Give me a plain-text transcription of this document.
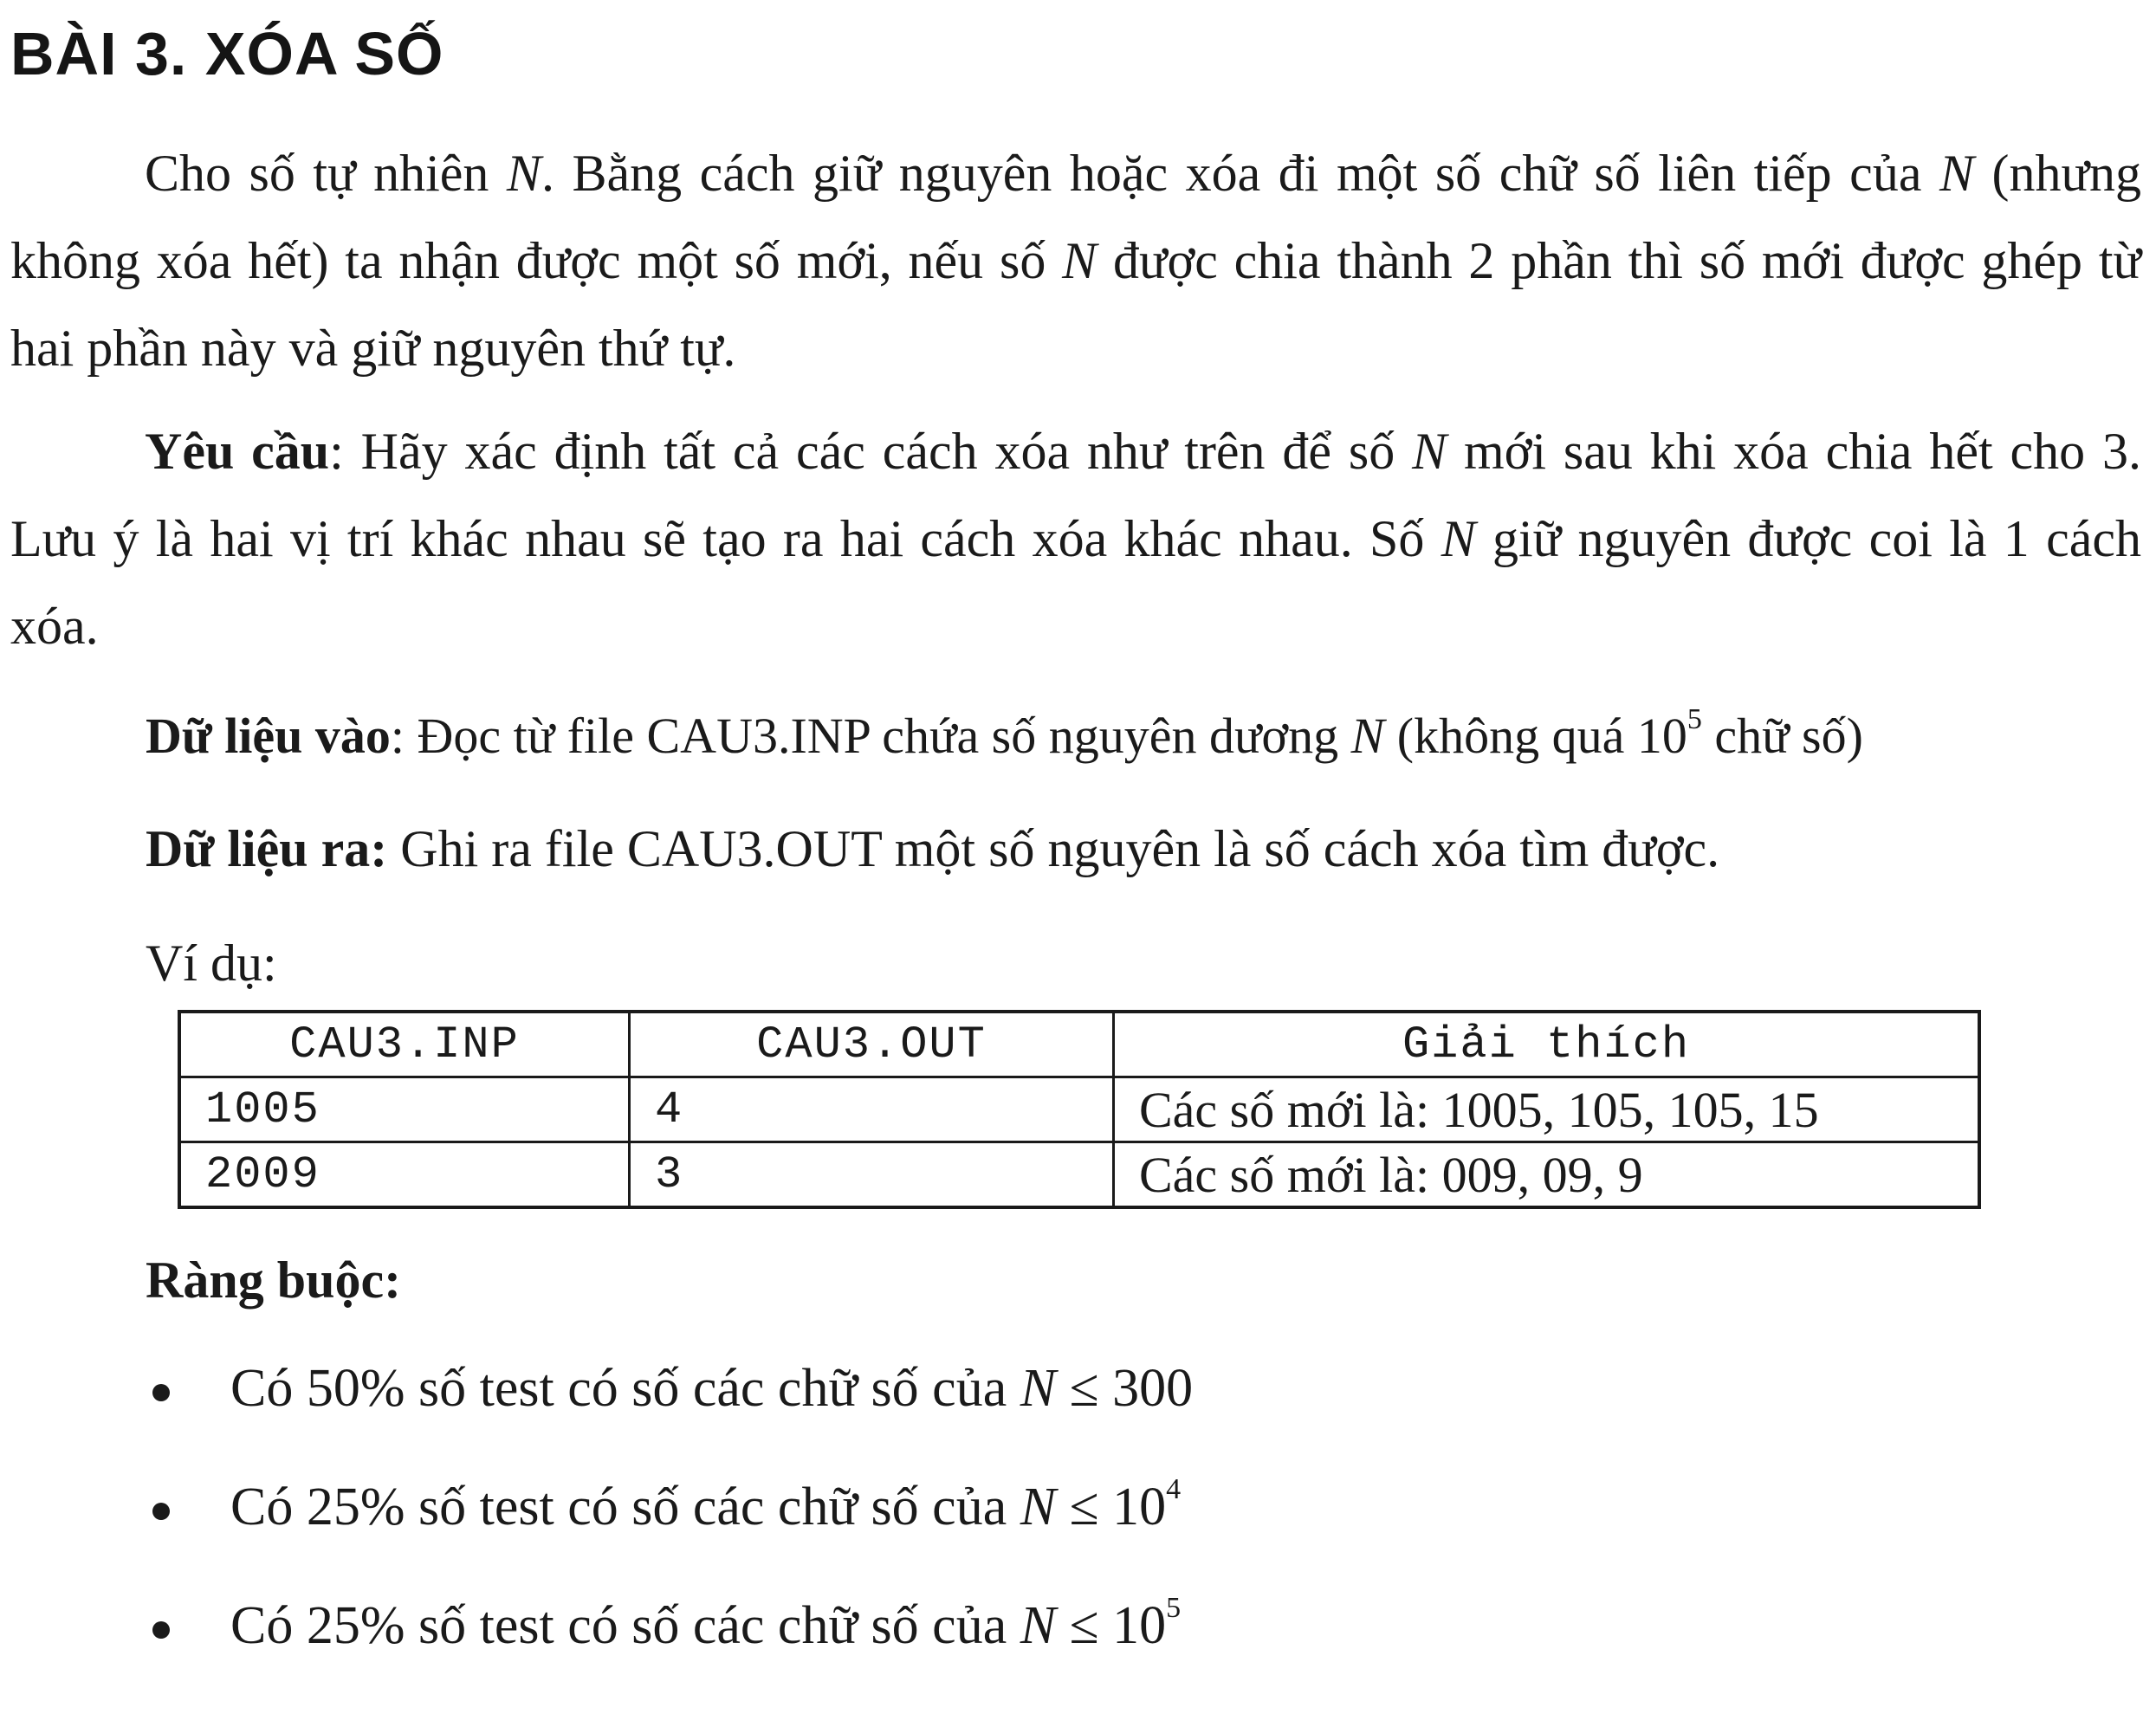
BÀI 3. XÓA SỐ

Cho số tự nhiên N. Bằng cách giữ nguyên hoặc xóa đi một số chữ số liên tiếp của N (nhưng không xóa hết) ta nhận được một số mới, nếu số N được chia thành 2 phần thì số mới được ghép từ hai phần này và giữ nguyên thứ tự.

Yêu cầu: Hãy xác định tất cả các cách xóa như trên để số N mới sau khi xóa chia hết cho 3. Lưu ý là hai vị trí khác nhau sẽ tạo ra hai cách xóa khác nhau. Số N giữ nguyên được coi là 1 cách xóa.

Dữ liệu vào: Đọc từ file CAU3.INP chứa số nguyên dương N (không quá $10^5$ chữ số)

Dữ liệu ra: Ghi ra file CAU3.OUT một số nguyên là số cách xóa tìm được.

Ví dụ:

CAU3.INP	CAU3.OUT	Giải thích
1005	4	Các số mới là: 1005, 105, 105, 15
2009	3	Các số mới là: 009, 09, 9

Ràng buộc:

Có 50% số test có số các chữ số của N ≤ 300
Có 25% số test có số các chữ số của $N \le 10^4$
Có 25% số test có số các chữ số của $N \le 10^5$
